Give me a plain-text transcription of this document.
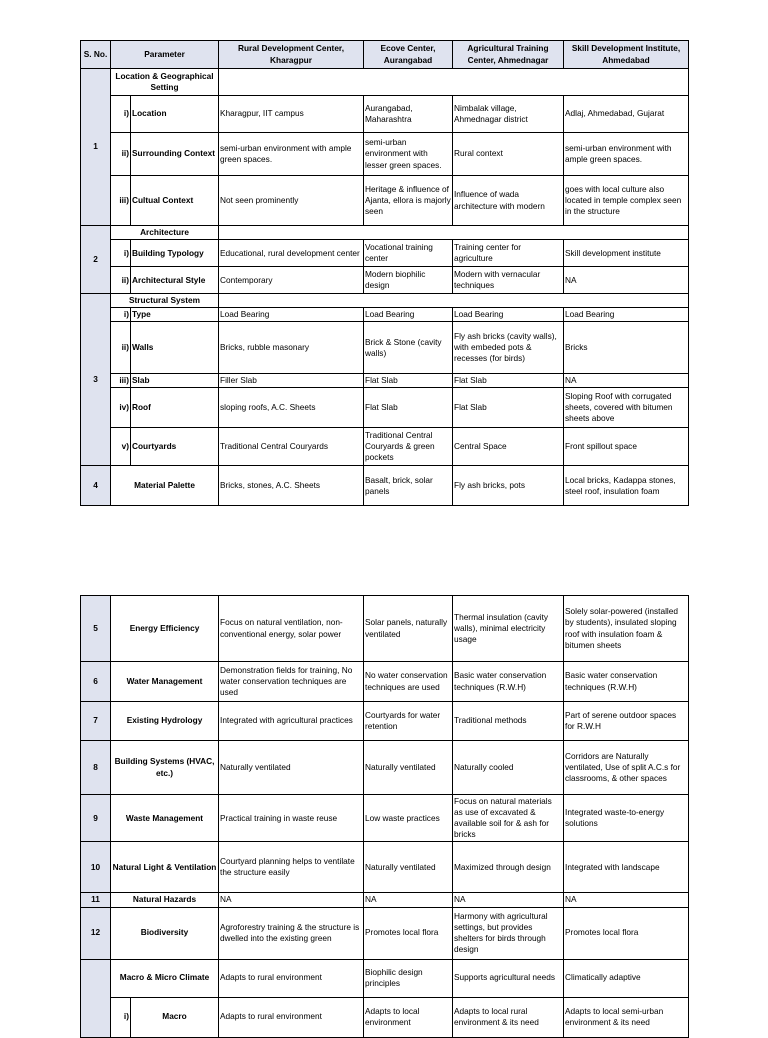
S. No.	Parameter		Rural Development Center, Kharagpur	Ecove Center, Aurangabad	Agricultural Training Center, Ahmednagar	Skill Development Institute, Ahmedabad
1	Location & Geographical Setting					
	i)	Location	Kharagpur, IIT campus	Aurangabad, Maharashtra	Nimbalak village, Ahmednagar district	Adlaj, Ahmedabad, Gujarat
	ii)	Surrounding Context	semi-urban environment with ample green spaces.	semi-urban environment with lesser green spaces.	Rural context	semi-urban environment with ample green spaces.
	iii)	Cultual Context	Not seen prominently	Heritage & influence of Ajanta, ellora is majorly seen	Influence of wada architecture with modern	goes with local culture also located in temple complex seen in the structure
2	Architecture					
	i)	Building Typology	Educational, rural development center	Vocational training center	Training center for agriculture	Skill development institute
	ii)	Architectural Style	Contemporary	Modern biophilic design	Modern with vernacular techniques	NA
3	Structural System					
	i)	Type	Load Bearing	Load Bearing	Load Bearing	Load Bearing
	ii)	Walls	Bricks, rubble masonary	Brick & Stone (cavity walls)	Fly ash bricks (cavity walls), with embeded pots & recesses (for birds)	Bricks
	iii)	Slab	Filler Slab	Flat Slab	Flat Slab	NA
	iv)	Roof	sloping roofs, A.C. Sheets	Flat Slab	Flat Slab	Sloping Roof with corrugated sheets, covered with bitumen sheets above
	v)	Courtyards	Traditional Central Couryards	Traditional Central Couryards & green pockets	Central Space	Front spillout space
4	Material Palette		Bricks, stones, A.C. Sheets	Basalt, brick, solar panels	Fly ash bricks, pots	Local bricks, Kadappa stones, steel roof, insulation foam
5	Energy Efficiency		Focus on natural ventilation, non-conventional energy, solar power	Solar panels, naturally ventilated	Thermal insulation (cavity walls), minimal electricity usage	Solely solar-powered (installed by students), insulated sloping roof with insulation foam & bitumen sheets
6	Water Management		Demonstration fields for training, No water conservation techniques are used	No water conservation techniques are used	Basic water conservation techniques (R.W.H)	Basic water conservation techniques (R.W.H)
7	Existing Hydrology		Integrated with agricultural practices	Courtyards for water retention	Traditional methods	Part of serene outdoor spaces for R.W.H
8	Building Systems (HVAC, etc.)		Naturally ventilated	Naturally ventilated	Naturally cooled	Corridors are Naturally ventilated, Use of split A.C.s for classrooms, & other spaces
9	Waste Management		Practical training in waste reuse	Low waste practices	Focus on natural materials as use of excavated & available soil for & ash for bricks	Integrated waste-to-energy solutions
10	Natural Light & Ventilation		Courtyard planning helps to ventilate the structure easily	Naturally ventilated	Maximized through design	Integrated with landscape
11	Natural Hazards		NA	NA	NA	NA
12	Biodiversity		Agroforestry training & the structure is dwelled into the existing green	Promotes local flora	Harmony with agricultural settings, but provides shelters for birds through design	Promotes local flora
	Macro & Micro Climate		Adapts to rural environment	Biophilic design principles	Supports agricultural needs	Climatically adaptive
	i)	Macro	Adapts to rural environment	Adapts to local environment	Adapts to local rural environment & its need	Adapts to local semi-urban environment & its need
